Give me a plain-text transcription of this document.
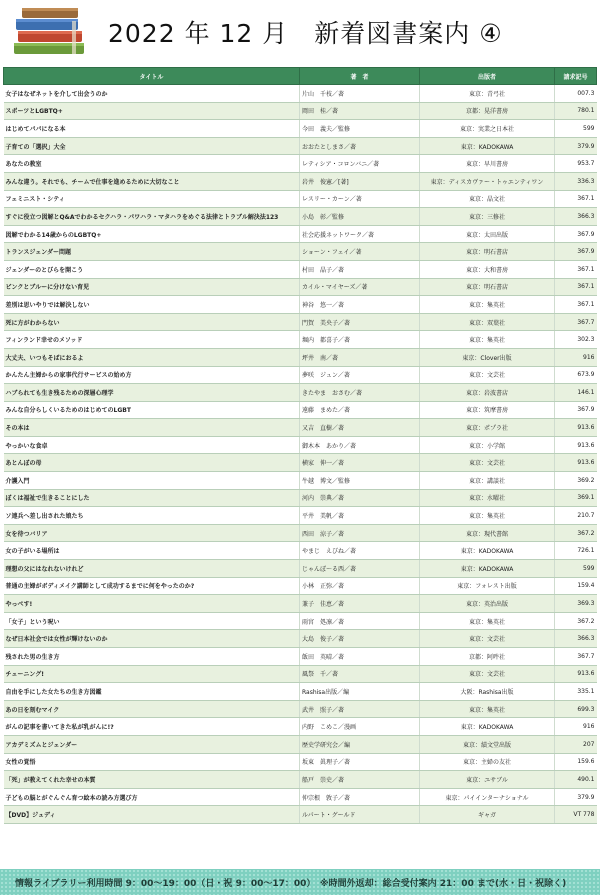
2022 年 12 月　新着図書案内 ④
タイトル	著　者	出版者	請求記号
女子はなぜネットを介して出会うのか	片山　千枝／著	東京：青弓社	007.3
スポーツとLGBTQ+	岡田　桂／著	京都：晃洋書房	780.1
はじめてパパになる本	今田　義夫／監修	東京：実業之日本社	599
子育ての「選択」大全	おおたとしまさ／著	東京：KADOKAWA	379.9
あなたの教室	レティシア・コロンバニ／著	東京：早川書房	953.7
みんな違う。それでも、チームで仕事を進めるために大切なこと	岩井　俊憲／[著]	東京：ディスカヴァー・トゥエンティワン	336.3
フェミニスト・シティ	レスリー・カーン／著	東京：晶文社	367.1
すぐに役立つ図解とQ&Aでわかるセクハラ・パワハラ・マタハラをめぐる法律とトラブル解決法123	小島　彰／監修	東京：三修社	366.3
図解でわかる14歳からのLGBTQ+	社会応援ネットワーク／著	東京：太田出版	367.9
トランスジェンダー問題	ショーン・フェイ／著	東京：明石書店	367.9
ジェンダーのとびらを開こう	村田　晶子／著	東京：大和書房	367.1
ピンクとブルーに分けない育児	カイル・マイヤーズ／著	東京：明石書店	367.1
差別は思いやりでは解決しない	神谷　悠一／著	東京：集英社	367.1
死に方がわからない	門賀　美央子／著	東京：双葉社	367.7
フィンランド幸せのメソッド	堀内　都喜子／著	東京：集英社	302.3
大丈夫、いつもそばにおるよ	坪井　南／著	東京：Clover出版	916
かんたん主婦からの家事代行サービスの始め方	夢咲　ジュン／著	東京：文芸社	673.9
ハブられても生き残るための深層心理学	きたやま　おさむ／著	東京：岩波書店	146.1
みんな自分らしくいるためのはじめてのLGBT	遠藤　まめた／著	東京：筑摩書房	367.9
その本は	又吉　直樹／著	東京：ポプラ社	913.6
やっかいな食卓	御木本　あかり／著	東京：小学館	913.6
あとんぼの母	横家　伸一／著	東京：文芸社	913.6
介護入門	牛越　博文／監修	東京：講談社	369.2
ぼくは福祉で生きることにした	河内　崇典／著	東京：水曜社	369.1
ソ連兵へ差し出された娘たち	平井　美帆／著	東京：集英社	210.7
女を待つバリア	西田　涼子／著	東京：現代書館	367.2
女の子がいる場所は	やまじ　えびね／著	東京：KADOKAWA	726.1
理想の父にはなれないけれど	じゃんぽ～る西／著	東京：KADOKAWA	599
普通の主婦がボディメイク講師として成功するまでに何をやったのか?	小林　正弥／著	東京：フォレスト出版	159.4
やっぺす!	兼子　佳恵／著	東京：英治出版	369.3
「女子」という呪い	雨宮　処凛／著	東京：集英社	367.2
なぜ日本社会では女性が輝けないのか	大島　俊子／著	東京：文芸社	366.3
残された男の生き方	飯田　英晴／著	京都：阿吽社	367.7
チューニング!	風祭　千／著	東京：文芸社	913.6
自由を手にした女たちの生き方図鑑	Rashisa出版／編	大阪：Rashisa出版	335.1
あの日を刻むマイク	武井　照子／著	東京：集英社	699.3
がんの記事を書いてきた私が乳がんに!?	内野　こめこ／漫画	東京：KADOKAWA	916
アカデミズムとジェンダー	歴史学研究会／編	東京：績文堂出版	207
女性の覚悟	坂東　眞理子／著	東京：主婦の友社	159.6
「死」が教えてくれた幸せの本質	船戸　崇史／著	東京：ユサブル	490.1
子どもの脳とがぐんぐん育つ絵本の読み方選び方	仲宗根　敦子／著	東京：パイインターナショナル	379.9
【DVD】ジュディ	ルパート・グールド	ギャガ	VT 778
情報ライブラリー利用時間 9：00～19：00（日・祝 9：00～17：00）　※時間外返却：総合受付案内 21：00 まで(水・日・祝除く)
